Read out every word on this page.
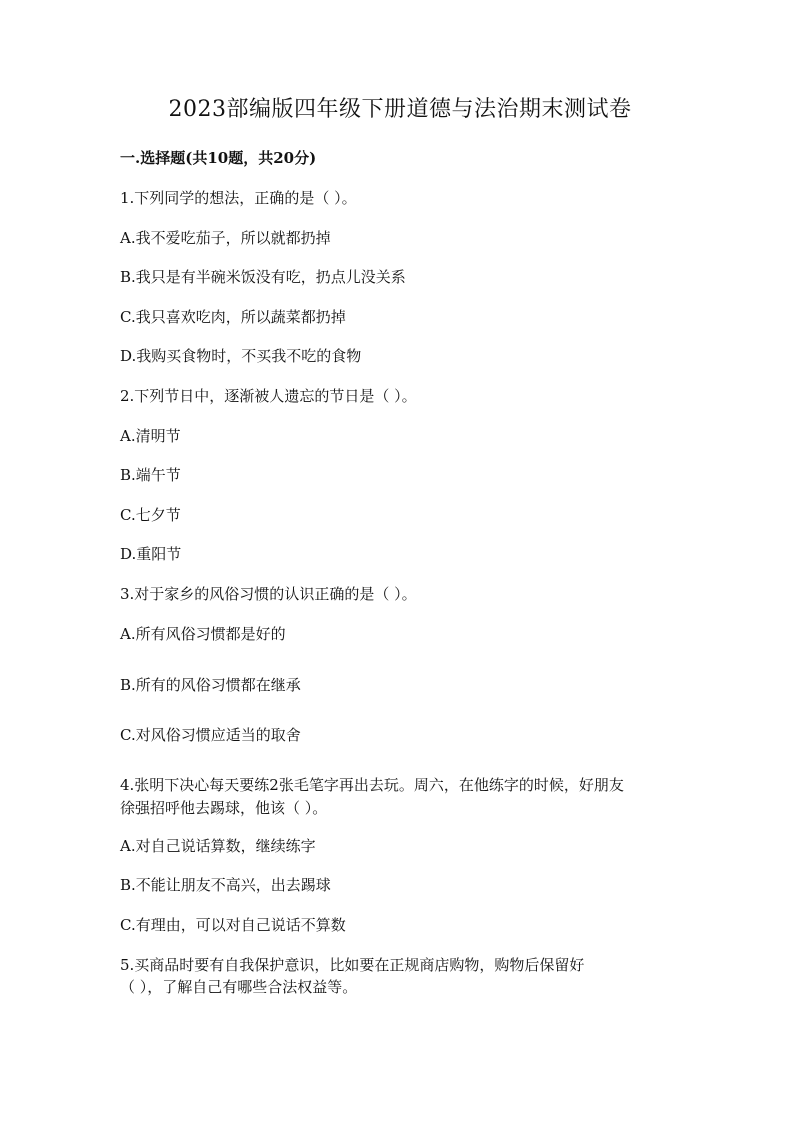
2023部编版四年级下册道德与法治期末测试卷
一.选择题(共10题，共20分)
1.下列同学的想法，正确的是（ ）。
A.我不爱吃茄子，所以就都扔掉
B.我只是有半碗米饭没有吃，扔点儿没关系
C.我只喜欢吃肉，所以蔬菜都扔掉
D.我购买食物时，不买我不吃的食物
2.下列节日中，逐渐被人遗忘的节日是（ ）。
A.清明节
B.端午节
C.七夕节
D.重阳节
3.对于家乡的风俗习惯的认识正确的是（ ）。
A.所有风俗习惯都是好的
B.所有的风俗习惯都在继承
C.对风俗习惯应适当的取舍
4.张明下决心每天要练2张毛笔字再出去玩。周六，在他练字的时候，好朋友
徐强招呼他去踢球，他该（ ）。
A.对自己说话算数，继续练字
B.不能让朋友不高兴，出去踢球
C.有理由，可以对自己说话不算数
5.买商品时要有自我保护意识，比如要在正规商店购物，购物后保留好
（ ），了解自己有哪些合法权益等。
